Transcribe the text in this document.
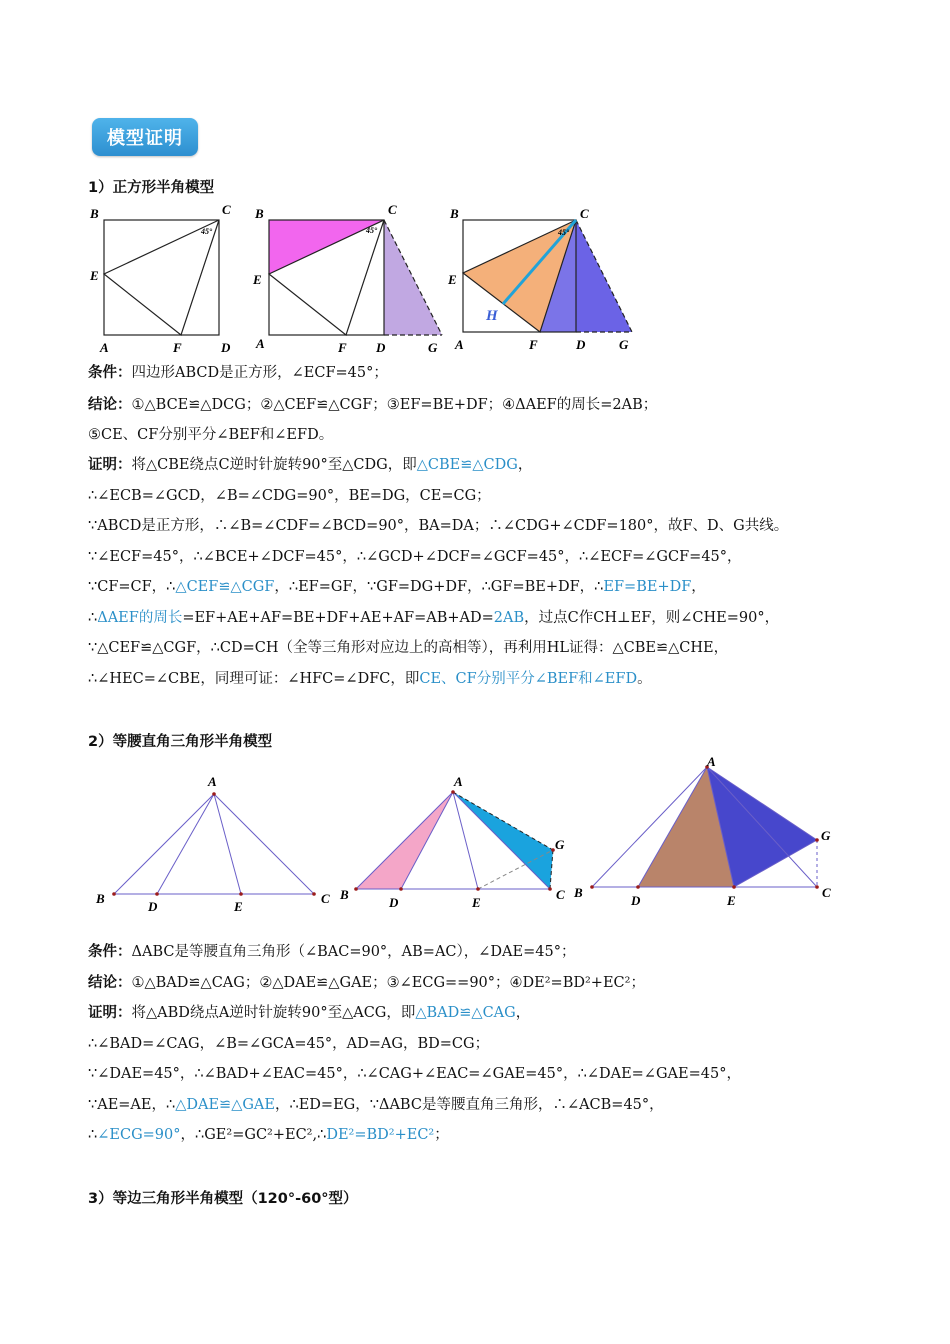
模型证明
1）正方形半角模型
B	C
E
A	F	D
45°
B	C
E
A	F D	G
45°
B	C
E
A	F	D	G
H
45°
条件：四边形ABCD是正方形，∠ECF=45°；
结论：①△BCE≌△DCG；②△CEF≌△CGF；③EF=BE+DF；④ΔAEF的周长=2AB；
⑤CE、CF分别平分∠BEF和∠EFD。
证明：将△CBE绕点C逆时针旋转90°至△CDG，即△CBE≌△CDG，
∴∠ECB=∠GCD，∠B=∠CDG=90°，BE=DG，CE=CG；
∵ABCD是正方形，∴∠B=∠CDF=∠BCD=90°，BA=DA；∴∠CDG+∠CDF=180°，故F、D、G共线。
∵∠ECF=45°，∴∠BCE+∠DCF=45°，∴∠GCD+∠DCF=∠GCF=45°，∴∠ECF=∠GCF=45°，
∵CF=CF，∴△CEF≌△CGF，∴EF=GF，∵GF=DG+DF，∴GF=BE+DF，∴EF=BE+DF，
∴ΔAEF的周长=EF+AE+AF=BE+DF+AE+AF=AB+AD=2AB，过点C作CH⊥EF，则∠CHE=90°，
∵△CEF≌△CGF，∴CD=CH（全等三角形对应边上的高相等），再利用HL证得：△CBE≌△CHE，
∴∠HEC=∠CBE，同理可证：∠HFC=∠DFC，即CE、CF分别平分∠BEF和∠EFD。
2）等腰直角三角形半角模型
A
B	C
D	E
A
B	C
D	E
G
A
B	C
D	E
G
条件：ΔABC是等腰直角三角形（∠BAC=90°，AB=AC），∠DAE=45°；
结论：①△BAD≌△CAG；②△DAE≌△GAE；③∠ECG==90°；④DE²=BD²+EC²；
证明：将△ABD绕点A逆时针旋转90°至△ACG，即△BAD≌△CAG，
∴∠BAD=∠CAG，∠B=∠GCA=45°，AD=AG，BD=CG；
∵∠DAE=45°，∴∠BAD+∠EAC=45°，∴∠CAG+∠EAC=∠GAE=45°，∴∠DAE=∠GAE=45°，
∵AE=AE，∴△DAE≌△GAE，∴ED=EG，∵ΔABC是等腰直角三角形，∴∠ACB=45°，
∴∠ECG=90°，∴GE²=GC²+EC²,∴DE²=BD²+EC²；
3）等边三角形半角模型（120°-60°型）
